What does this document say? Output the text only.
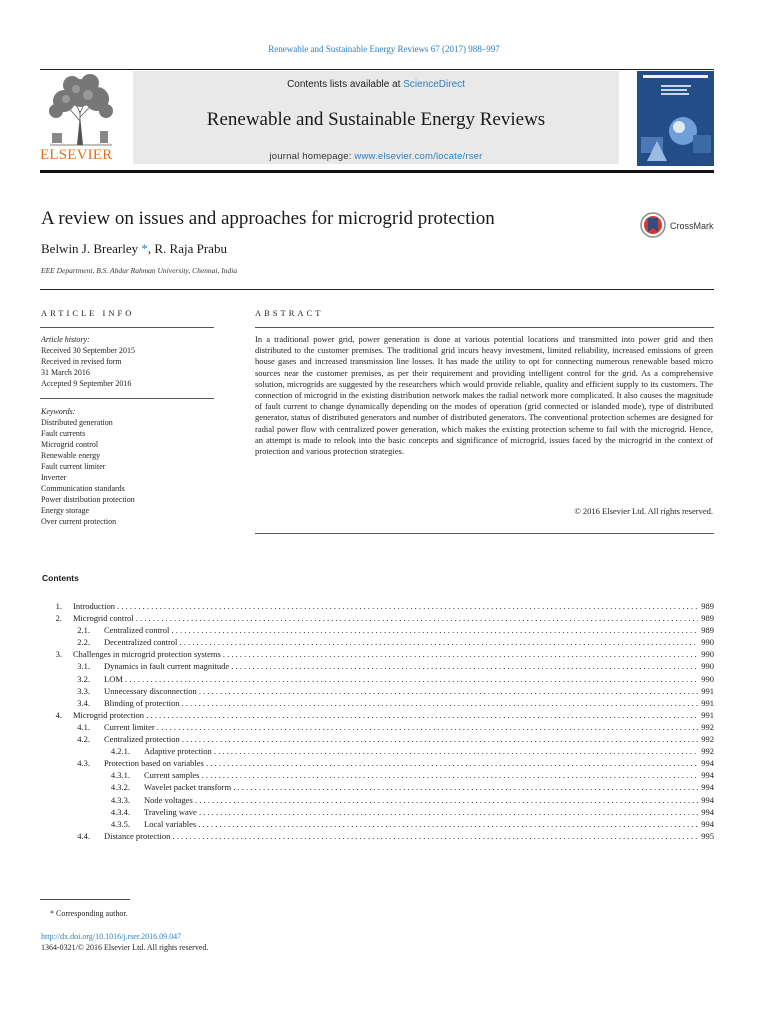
Renewable and Sustainable Energy Reviews 67 (2017) 988–997
ELSEVIER
Contents lists available at ScienceDirect
Renewable and Sustainable Energy Reviews
journal homepage: www.elsevier.com/locate/rser
A review on issues and approaches for microgrid protection	CrossMark
Belwin J. Brearley *, R. Raja Prabu
EEE Department, B.S. Abdur Rahman University, Chennai, India
ARTICLE INFO
Article history:
Received 30 September 2015
Received in revised form
31 March 2016
Accepted 9 September 2016
Keywords:
Distributed generation
Fault currents
Microgrid control
Renewable energy
Fault current limiter
Inverter
Communication standards
Power distribution protection
Energy storage
Over current protection
ABSTRACT
In a traditional power grid, power generation is done at various potential locations and transmitted into power grid and then distributed to the customer premises. The traditional grid incurs heavy investment, limited reliability, increased emissions of green house gases and increased transmission line losses. It has made the utility to opt for connecting numerous renewable based micro sources near the customer premises, as per their requirement and providing intelligent control for the grid. As a comprehensive solution, microgrids are suggested by the researchers which would provide reliable, quality and efficient supply to its customers. The connection of microgrid in the existing distribution network makes the radial network more complicated. It also causes the magnitude of fault current to change dynamically depending on the modes of operation (grid connected or islanded mode), type of distributed generator, status of distributed generators and number of distributed generators. The conventional protection schemes are designed for radial power flow with centralized power generation, which makes the existing protection scheme to fail with the microgrid. Hence, an attempt is made to relook into the basic concepts and significance of microgrid, issues faced by the microgrid in the context of protection and various protection strategies.
© 2016 Elsevier Ltd. All rights reserved.
Contents
1. Introduction . . .	989
2. Microgrid control . . .	989
2.1. Centralized control . . .	989
2.2. Decentralized control . . .	990
3. Challenges in microgrid protection systems . . .	990
3.1. Dynamics in fault current magnitude . . .	990
3.2. LOM . . .	990
3.3. Unnecessary disconnection . . .	991
3.4. Blinding of protection . . .	991
4. Microgrid protection . . .	991
4.1. Current limiter . . .	992
4.2. Centralized protection . . .	992
4.2.1. Adaptive protection . . .	992
4.3. Protection based on variables . . .	994
4.3.1. Current samples . . .	994
4.3.2. Wavelet packet transform . . .	994
4.3.3. Node voltages . . .	994
4.3.4. Traveling wave . . .	994
4.3.5. Local variables . . .	994
4.4. Distance protection . . .	995
* Corresponding author.
http://dx.doi.org/10.1016/j.rser.2016.09.047
1364-0321/© 2016 Elsevier Ltd. All rights reserved.
